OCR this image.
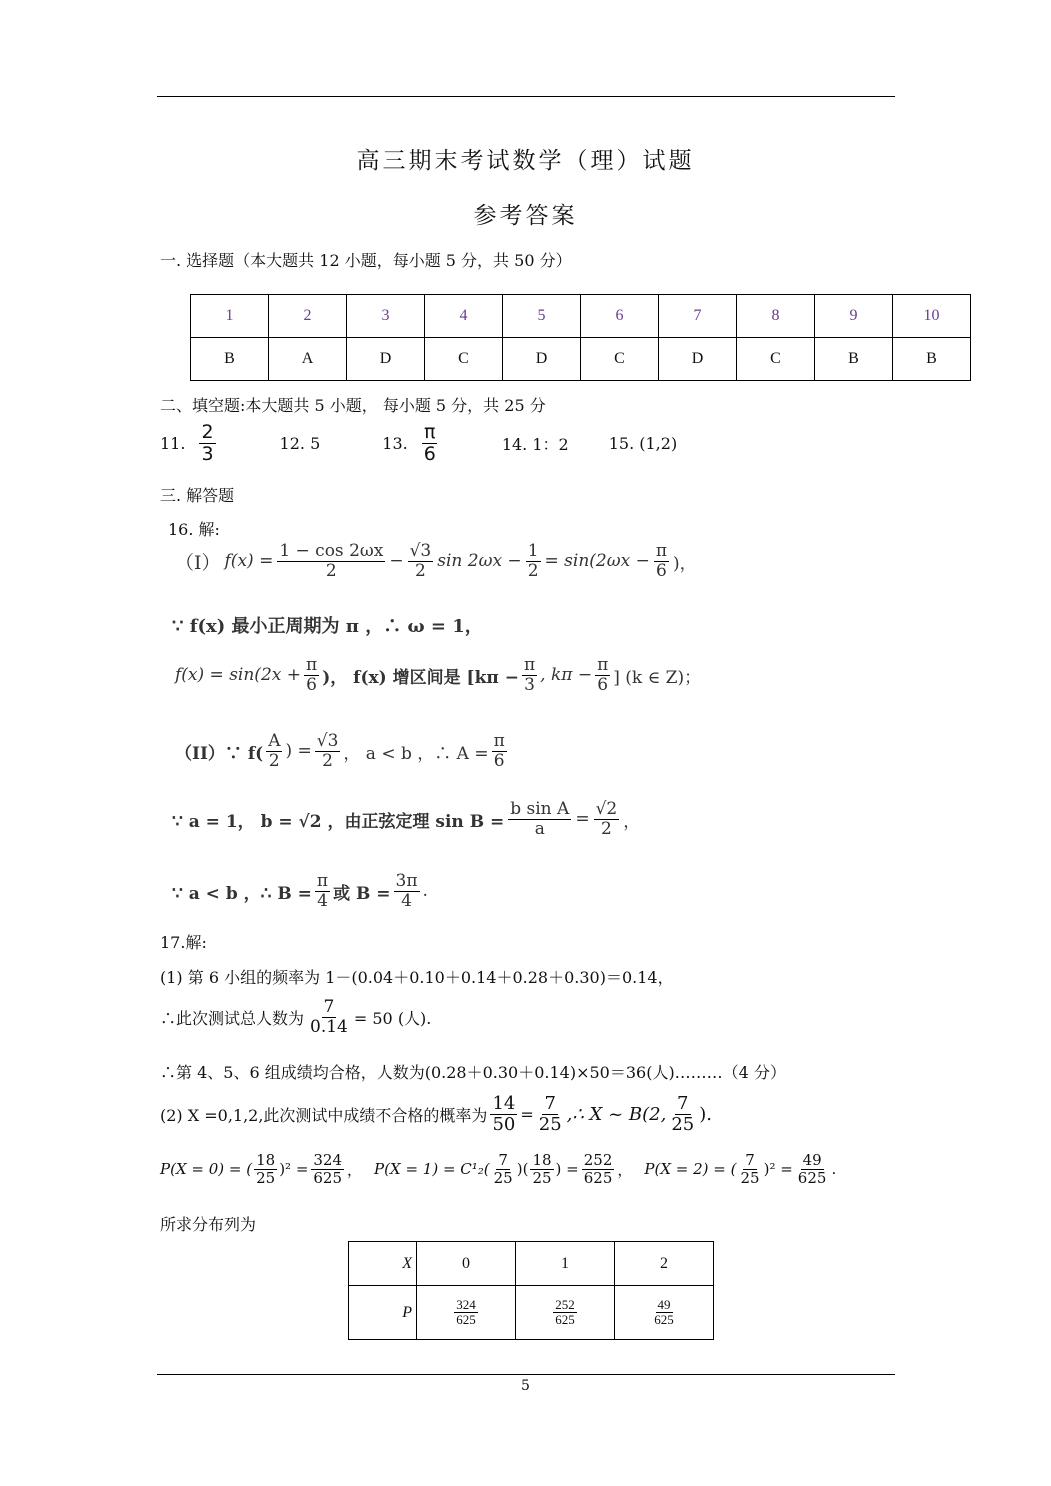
高三期末考试数学（理）试题
参考答案
一. 选择题（本大题共 12 小题，每小题 5 分，共 50 分）
1	2	3	4	5	6	7	8	9	10
B	A	D	C	D	C	D	C	B	B
二、填空题:本大题共 5 小题， 每小题 5 分，共 25 分
11. $\frac{2}{3}$	12. 5	13. $\frac{\pi}{6}$	14. 1：2	15. (1,2)
三. 解答题
16. 解:
（I） $f(x) = \frac{1 - \cos 2\omega x}{2} - \frac{√3}{2}$ $\sin 2\omega x - \frac{1}{2} = \sin(2\omega x - \frac{\pi}{6}$ )，
∵ f(x) 最小正周期为 π ，∴ ω = 1，
$f(x) = \sin(2x + \frac{\pi}{6}$ )， f(x) 增区间是 [$k\pi - \frac{\pi}{3}$ , $k\pi - \frac{\pi}{6}$ ] (k ∈ Z)；
（II）∵ $f( \frac{A}{2}$ ) = $\frac{√3}{2}$ ， a < b ，∴ $A = \frac{\pi}{6}$
∵ a = 1， b = √2 ，由正弦定理 $\sin B = \frac{\text{b sin A}}{a} = \frac{√2}{2}$ ，
∵ a < b ，∴ $B = \frac{\pi}{4}$ 或 $B = \frac{3\pi}{4}$ .
17.解:
(1) 第 6 小组的频率为 1－(0.04＋0.10＋0.14＋0.28＋0.30)＝0.14，
∴此次测试总人数为 $\frac{7}{0.14} = 50$ (人).
∴第 4、5、6 组成绩均合格，人数为(0.28＋0.30＋0.14)×50＝36(人)………（4 分）
(2) X =0,1,2,此次测试中成绩不合格的概率为 $\frac{14}{50} = \frac{7}{25}$ ,∴ X ~ B(2, $\frac{7}{25}$ ).
P(X = 0) = ( $\frac{18}{25} )^2 = \frac{324}{625}$ ， $P(X = 1) = C^1_2( \frac{7}{25}$ )( $\frac{18}{25}$ ) = $\frac{252}{625}$ ， P(X = 2) = ( $\frac{7}{25} )^2 = \frac{49}{625}$ .
所求分布列为
X	0	1	2
P	$\frac{324}{625}$	$\frac{252}{625}$	$\frac{49}{625}$
5
